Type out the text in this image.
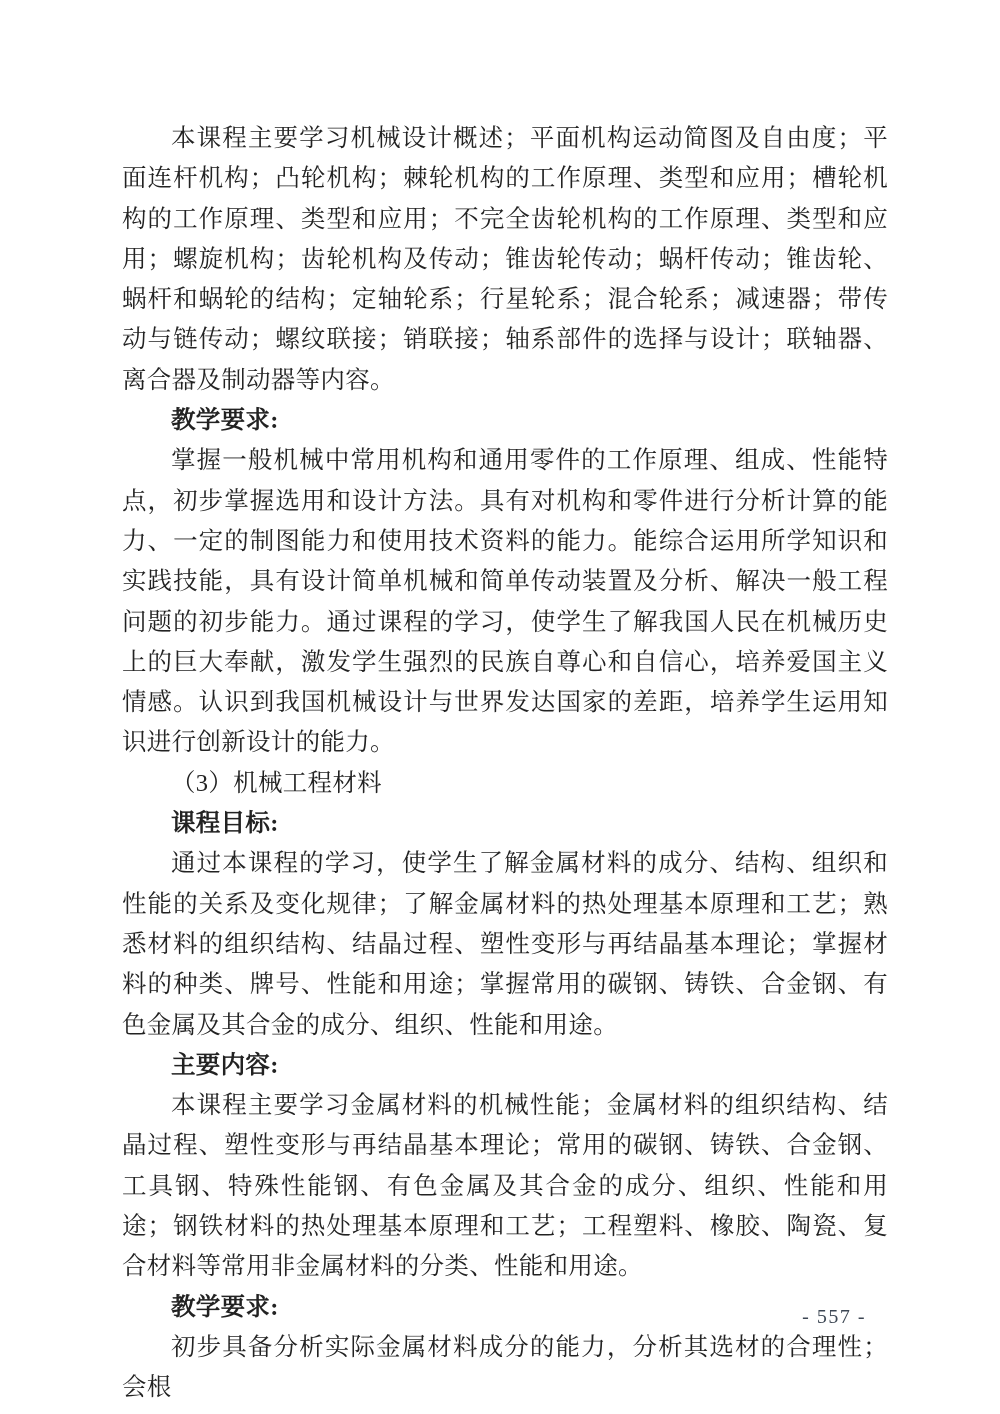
本课程主要学习机械设计概述；平面机构运动简图及自由度；平面连杆机构；凸轮机构；棘轮机构的工作原理、类型和应用；槽轮机构的工作原理、类型和应用；不完全齿轮机构的工作原理、类型和应用；螺旋机构；齿轮机构及传动；锥齿轮传动；蜗杆传动；锥齿轮、蜗杆和蜗轮的结构；定轴轮系；行星轮系；混合轮系；减速器；带传动与链传动；螺纹联接；销联接；轴系部件的选择与设计；联轴器、离合器及制动器等内容。

教学要求:

掌握一般机械中常用机构和通用零件的工作原理、组成、性能特点，初步掌握选用和设计方法。具有对机构和零件进行分析计算的能力、一定的制图能力和使用技术资料的能力。能综合运用所学知识和实践技能，具有设计简单机械和简单传动装置及分析、解决一般工程问题的初步能力。通过课程的学习，使学生了解我国人民在机械历史上的巨大奉献，激发学生强烈的民族自尊心和自信心，培养爱国主义情感。认识到我国机械设计与世界发达国家的差距，培养学生运用知识进行创新设计的能力。

（3）机械工程材料

课程目标:

通过本课程的学习，使学生了解金属材料的成分、结构、组织和性能的关系及变化规律；了解金属材料的热处理基本原理和工艺；熟悉材料的组织结构、结晶过程、塑性变形与再结晶基本理论；掌握材料的种类、牌号、性能和用途；掌握常用的碳钢、铸铁、合金钢、有色金属及其合金的成分、组织、性能和用途。

主要内容:

本课程主要学习金属材料的机械性能；金属材料的组织结构、结晶过程、塑性变形与再结晶基本理论；常用的碳钢、铸铁、合金钢、工具钢、特殊性能钢、有色金属及其合金的成分、组织、性能和用途；钢铁材料的热处理基本原理和工艺；工程塑料、橡胶、陶瓷、复合材料等常用非金属材料的分类、性能和用途。

教学要求:

初步具备分析实际金属材料成分的能力，分析其选材的合理性；会根

- 557 -
